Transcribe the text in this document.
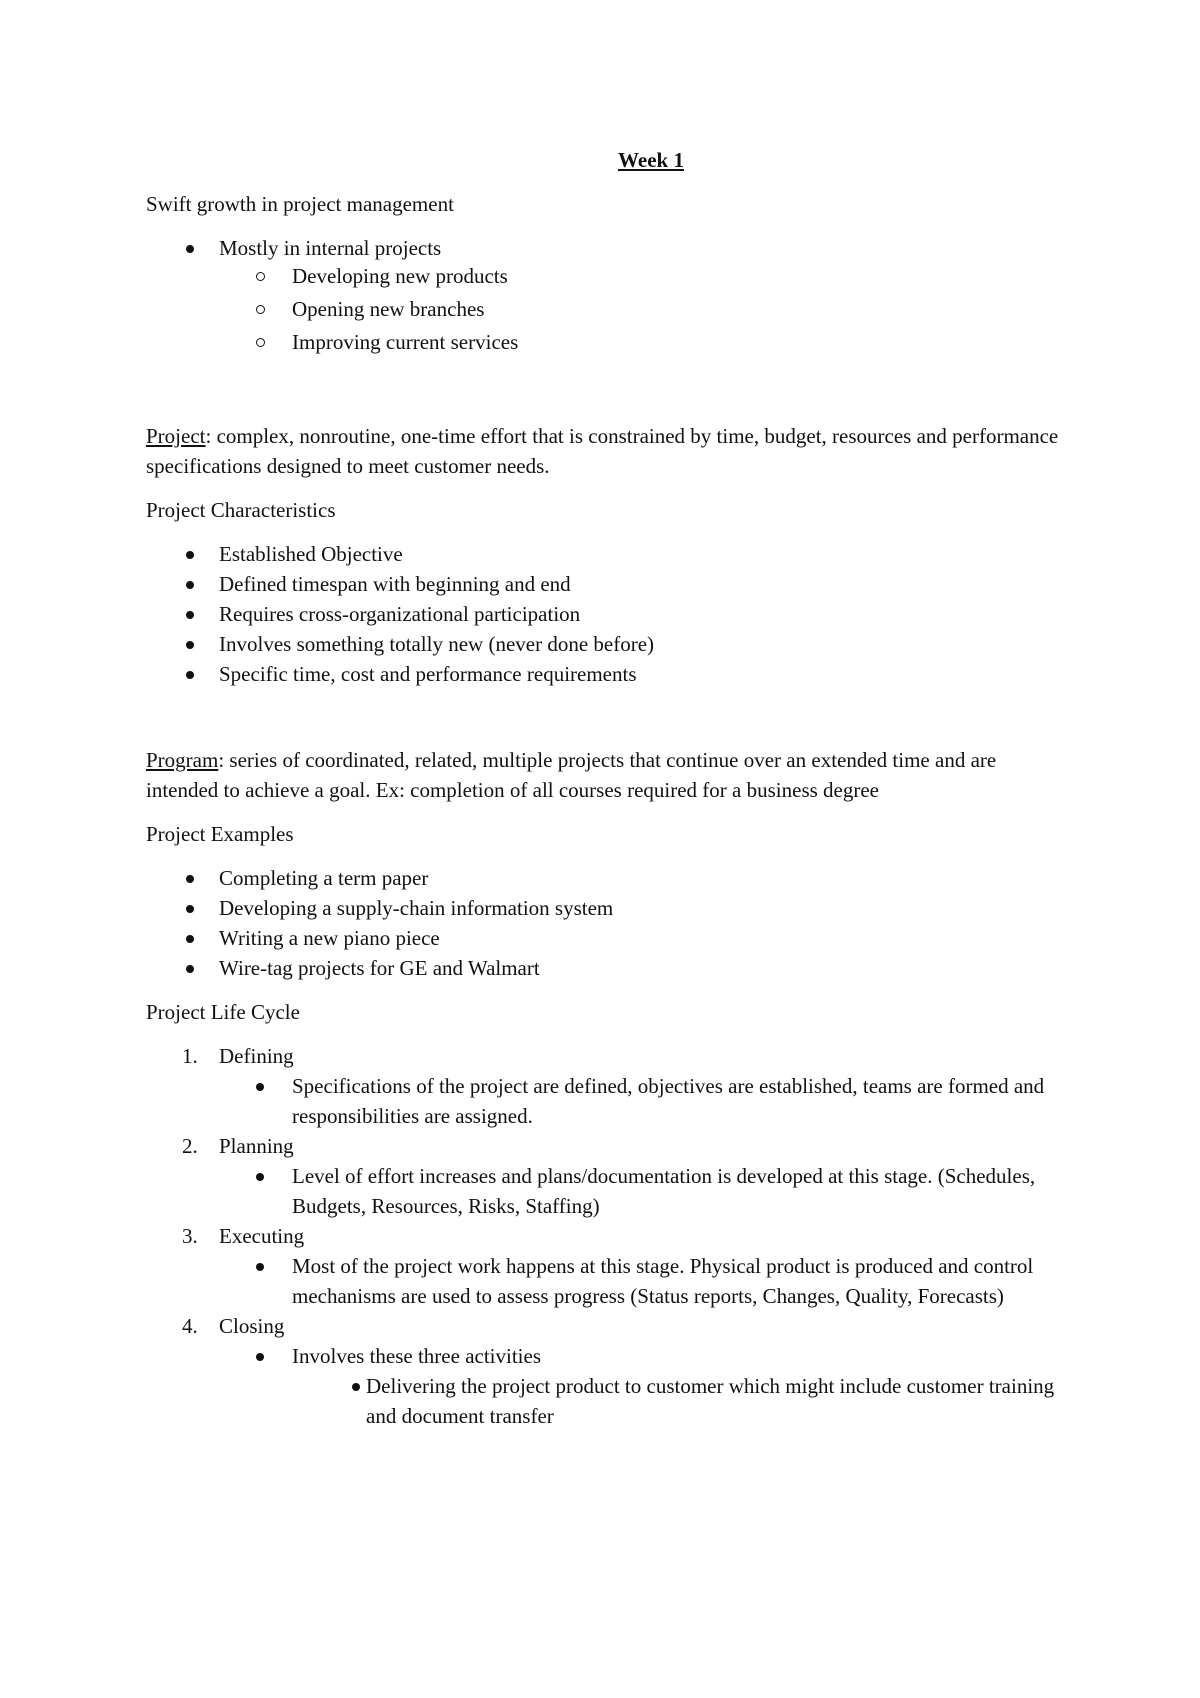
Week 1

Swift growth in project management

Mostly in internal projects
Developing new products
Opening new branches
Improving current services

Project: complex, nonroutine, one-time effort that is constrained by time, budget, resources and performance specifications designed to meet customer needs.

Project Characteristics

Established Objective
Defined timespan with beginning and end
Requires cross-organizational participation
Involves something totally new (never done before)
Specific time, cost and performance requirements

Program: series of coordinated, related, multiple projects that continue over an extended time and are intended to achieve a goal. Ex: completion of all courses required for a business degree

Project Examples

Completing a term paper
Developing a supply-chain information system
Writing a new piano piece
Wire-tag projects for GE and Walmart

Project Life Cycle

1. Defining
Specifications of the project are defined, objectives are established, teams are formed and responsibilities are assigned.
2. Planning
Level of effort increases and plans/documentation is developed at this stage. (Schedules, Budgets, Resources, Risks, Staffing)
3. Executing
Most of the project work happens at this stage. Physical product is produced and control mechanisms are used to assess progress (Status reports, Changes, Quality, Forecasts)
4. Closing
Involves these three activities
Delivering the project product to customer which might include customer training and document transfer
